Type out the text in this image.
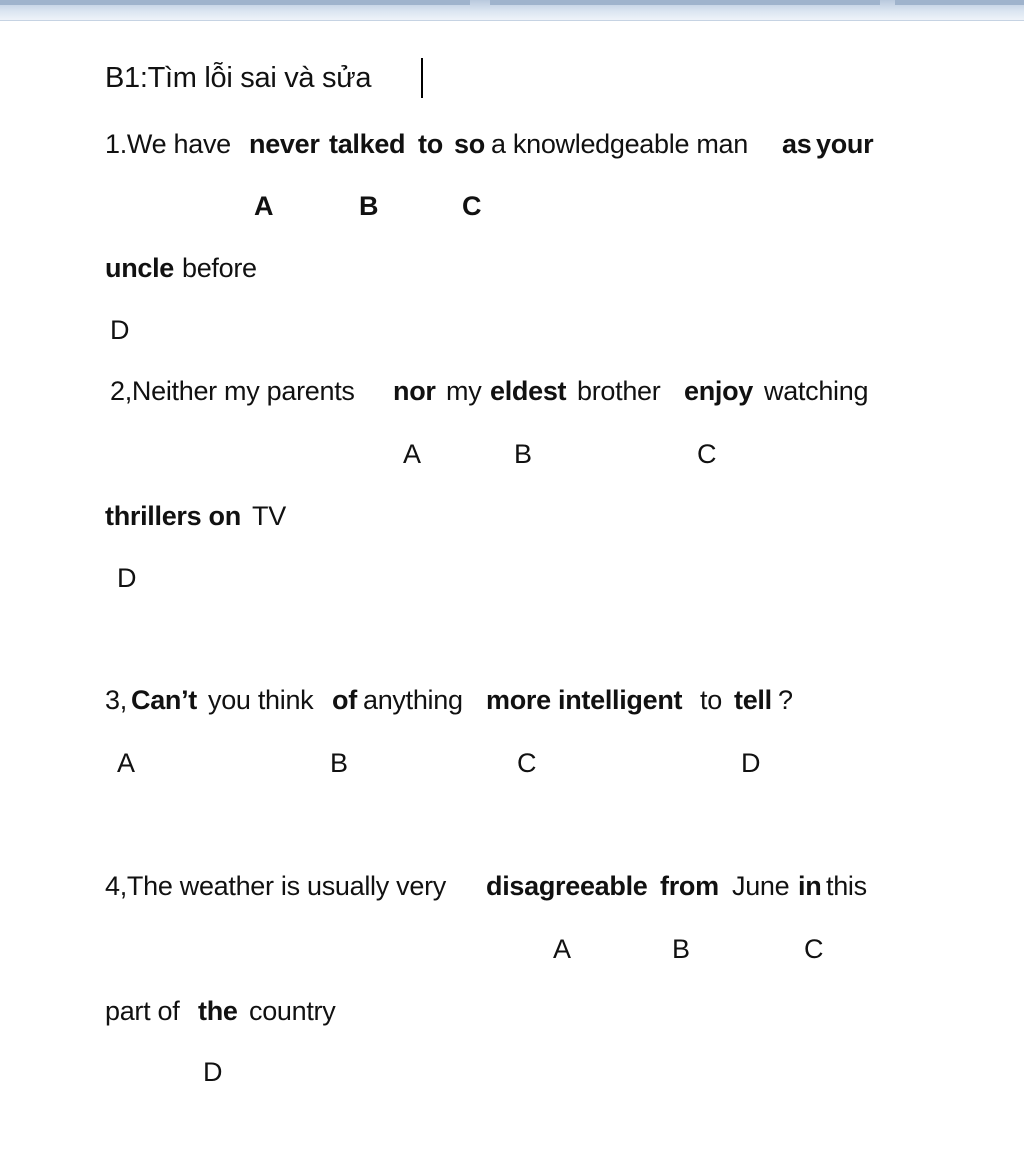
B1:Tìm lỗi sai và sửa
1.We have never talked to so a knowledgeable man as your
A	B	C
uncle before
D
2,Neither my parents nor my eldest brother enjoy watching
A	B	C
thrillers on TV
D
3, Can’t you think of anything more intelligent to tell ?
A	B	C	D
4,The weather is usually very disagreeable from June in this
A	B	C
part of the country
D
